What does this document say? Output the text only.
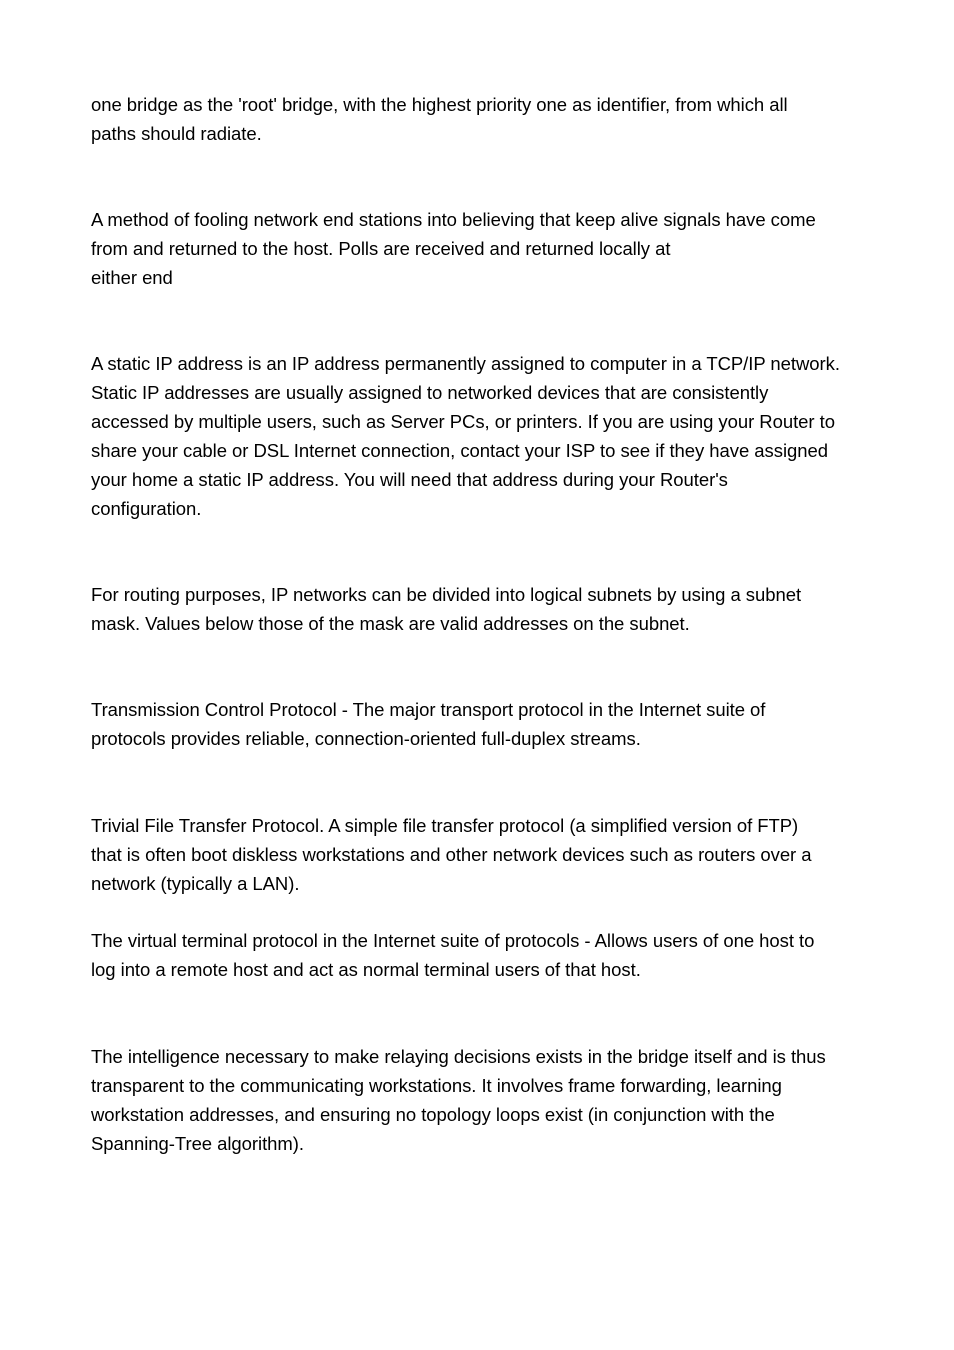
one bridge as the 'root' bridge, with the highest priority one as identifier, from which all
paths should radiate.

A method of fooling network end stations into believing that keep alive signals have come
from and returned to the host. Polls are received and returned locally at
either end

A static IP address is an IP address permanently assigned to computer in a TCP/IP network.
Static IP addresses are usually assigned to networked devices that are consistently
accessed by multiple users, such as Server PCs, or printers. If you are using your Router to
share your cable or DSL Internet connection, contact your ISP to see if they have assigned
your home a static IP address. You will need that address during your Router's
configuration.

For routing purposes, IP networks can be divided into logical subnets by using a subnet
mask. Values below those of the mask are valid addresses on the subnet.

Transmission Control Protocol - The major transport protocol in the Internet suite of
protocols provides reliable, connection-oriented full-duplex streams.

Trivial File Transfer Protocol. A simple file transfer protocol (a simplified version of FTP)
that is often boot diskless workstations and other network devices such as routers over a
network (typically a LAN).

The virtual terminal protocol in the Internet suite of protocols - Allows users of one host to
log into a remote host and act as normal terminal users of that host.

The intelligence necessary to make relaying decisions exists in the bridge itself and is thus
transparent to the communicating workstations. It involves frame forwarding, learning
workstation addresses, and ensuring no topology loops exist (in conjunction with the
Spanning-Tree algorithm).
